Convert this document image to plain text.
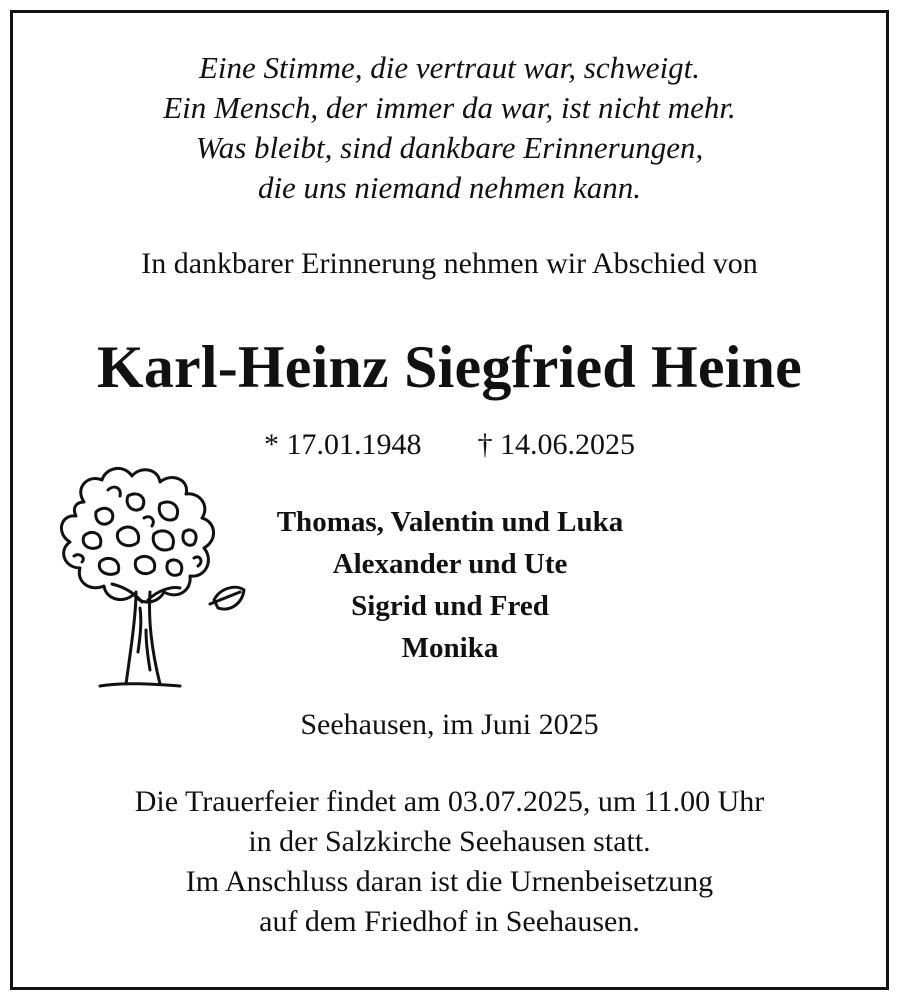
Eine Stimme, die vertraut war, schweigt.
Ein Mensch, der immer da war, ist nicht mehr.
Was bleibt, sind dankbare Erinnerungen,
die uns niemand nehmen kann.
In dankbarer Erinnerung nehmen wir Abschied von
Karl-Heinz Siegfried Heine
* 17.01.1948 † 14.06.2025
Thomas, Valentin und Luka
Alexander und Ute
Sigrid und Fred
Monika
Seehausen, im Juni 2025
Die Trauerfeier findet am 03.07.2025, um 11.00 Uhr
in der Salzkirche Seehausen statt.
Im Anschluss daran ist die Urnenbeisetzung
auf dem Friedhof in Seehausen.
